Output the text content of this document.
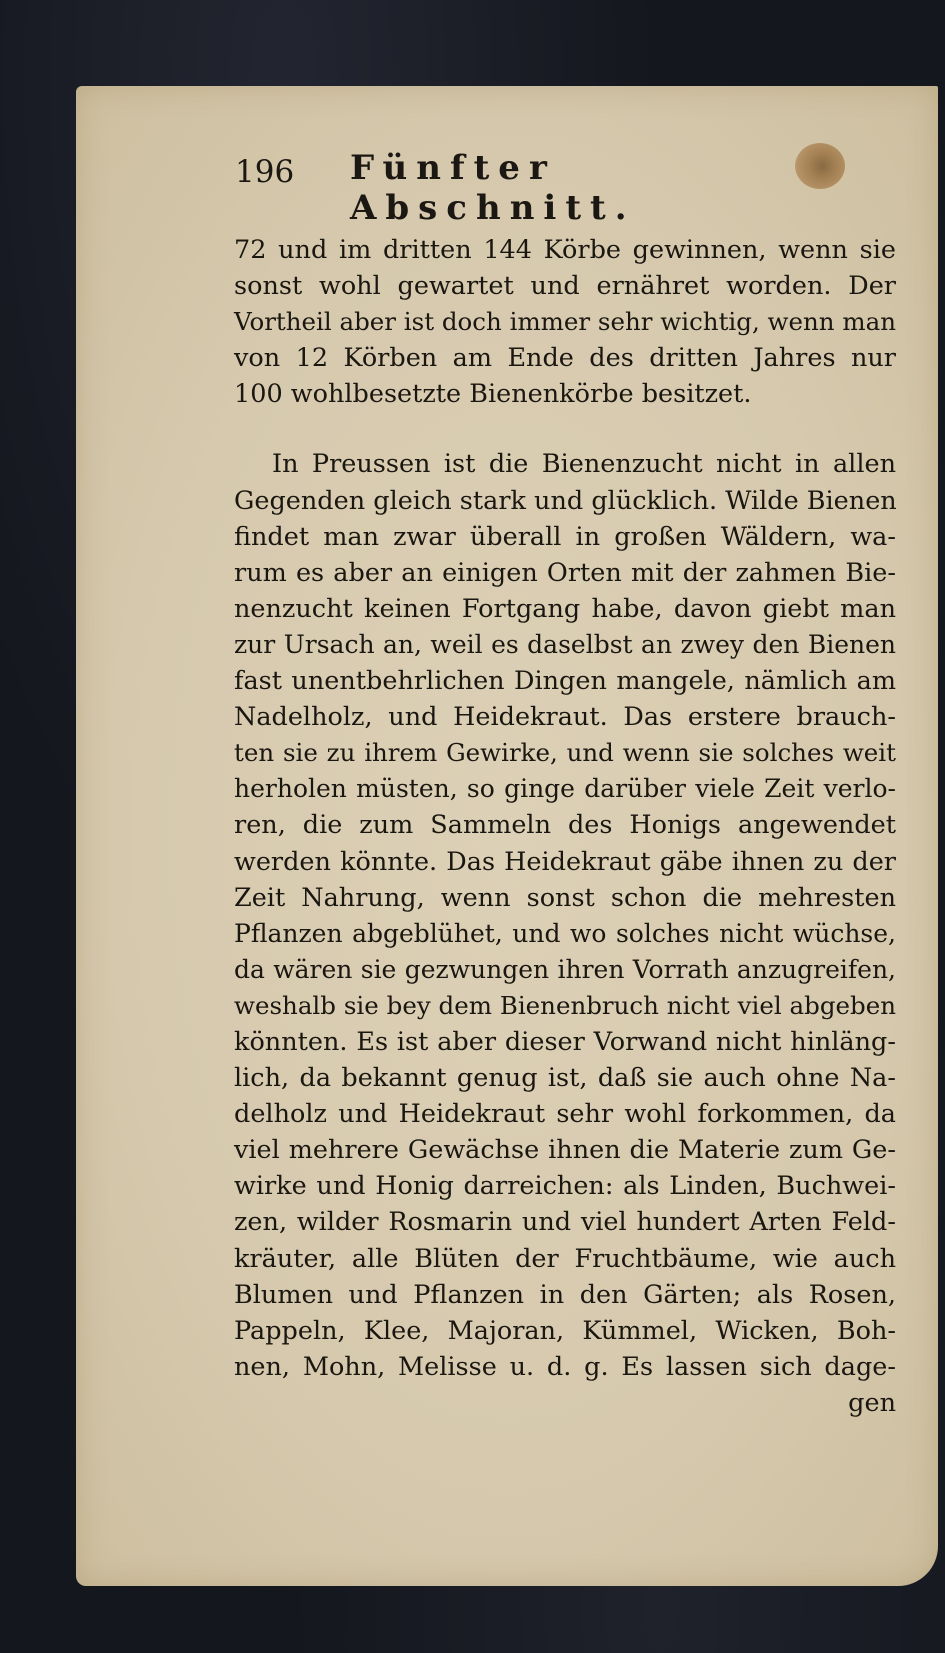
196 Fünfter Abschnitt.
72 und im dritten 144 Körbe gewinnen, wenn sie
sonst wohl gewartet und ernähret worden. Der
Vortheil aber ist doch immer sehr wichtig, wenn man
von 12 Körben am Ende des dritten Jahres nur
100 wohlbesetzte Bienenkörbe besitzet.
In Preussen ist die Bienenzucht nicht in allen
Gegenden gleich stark und glücklich. Wilde Bienen
findet man zwar überall in großen Wäldern, wa-
rum es aber an einigen Orten mit der zahmen Bie-
nenzucht keinen Fortgang habe, davon giebt man
zur Ursach an, weil es daselbst an zwey den Bienen
fast unentbehrlichen Dingen mangele, nämlich am
Nadelholz, und Heidekraut. Das erstere brauch-
ten sie zu ihrem Gewirke, und wenn sie solches weit
herholen müsten, so ginge darüber viele Zeit verlo-
ren, die zum Sammeln des Honigs angewendet
werden könnte. Das Heidekraut gäbe ihnen zu der
Zeit Nahrung, wenn sonst schon die mehresten
Pflanzen abgeblühet, und wo solches nicht wüchse,
da wären sie gezwungen ihren Vorrath anzugreifen,
weshalb sie bey dem Bienenbruch nicht viel abgeben
könnten. Es ist aber dieser Vorwand nicht hinläng-
lich, da bekannt genug ist, daß sie auch ohne Na-
delholz und Heidekraut sehr wohl forkommen, da
viel mehrere Gewächse ihnen die Materie zum Ge-
wirke und Honig darreichen: als Linden, Buchwei-
zen, wilder Rosmarin und viel hundert Arten Feld-
kräuter, alle Blüten der Fruchtbäume, wie auch
Blumen und Pflanzen in den Gärten; als Rosen,
Pappeln, Klee, Majoran, Kümmel, Wicken, Boh-
nen, Mohn, Melisse u. d. g. Es lassen sich dage-
gen
